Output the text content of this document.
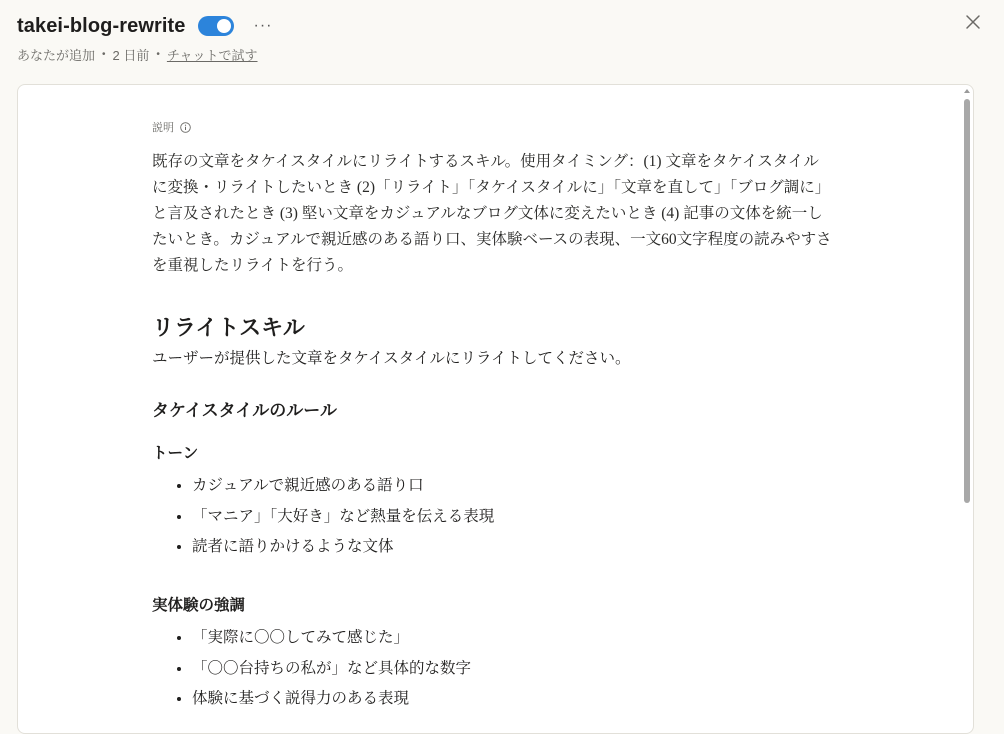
takei-blog-rewrite	···
あなたが追加 • 2 日前 • チャットで試す
説明
既存の文章をタケイスタイルにリライトするスキル。使用タイミング：(1) 文章をタケイスタイルに変換・リライトしたいとき (2)「リライト」「タケイスタイルに」「文章を直して」「ブログ調に」と言及されたとき (3) 堅い文章をカジュアルなブログ文体に変えたいとき (4) 記事の文体を統一したいとき。カジュアルで親近感のある語り口、実体験ベースの表現、一文60文字程度の読みやすさを重視したリライトを行う。
リライトスキル
ユーザーが提供した文章をタケイスタイルにリライトしてください。
タケイスタイルのルール
トーン
• カジュアルで親近感のある語り口
• 「マニア」「大好き」など熱量を伝える表現
• 読者に語りかけるような文体
実体験の強調
• 「実際に〇〇してみて感じた」
• 「〇〇台持ちの私が」など具体的な数字
• 体験に基づく説得力のある表現
